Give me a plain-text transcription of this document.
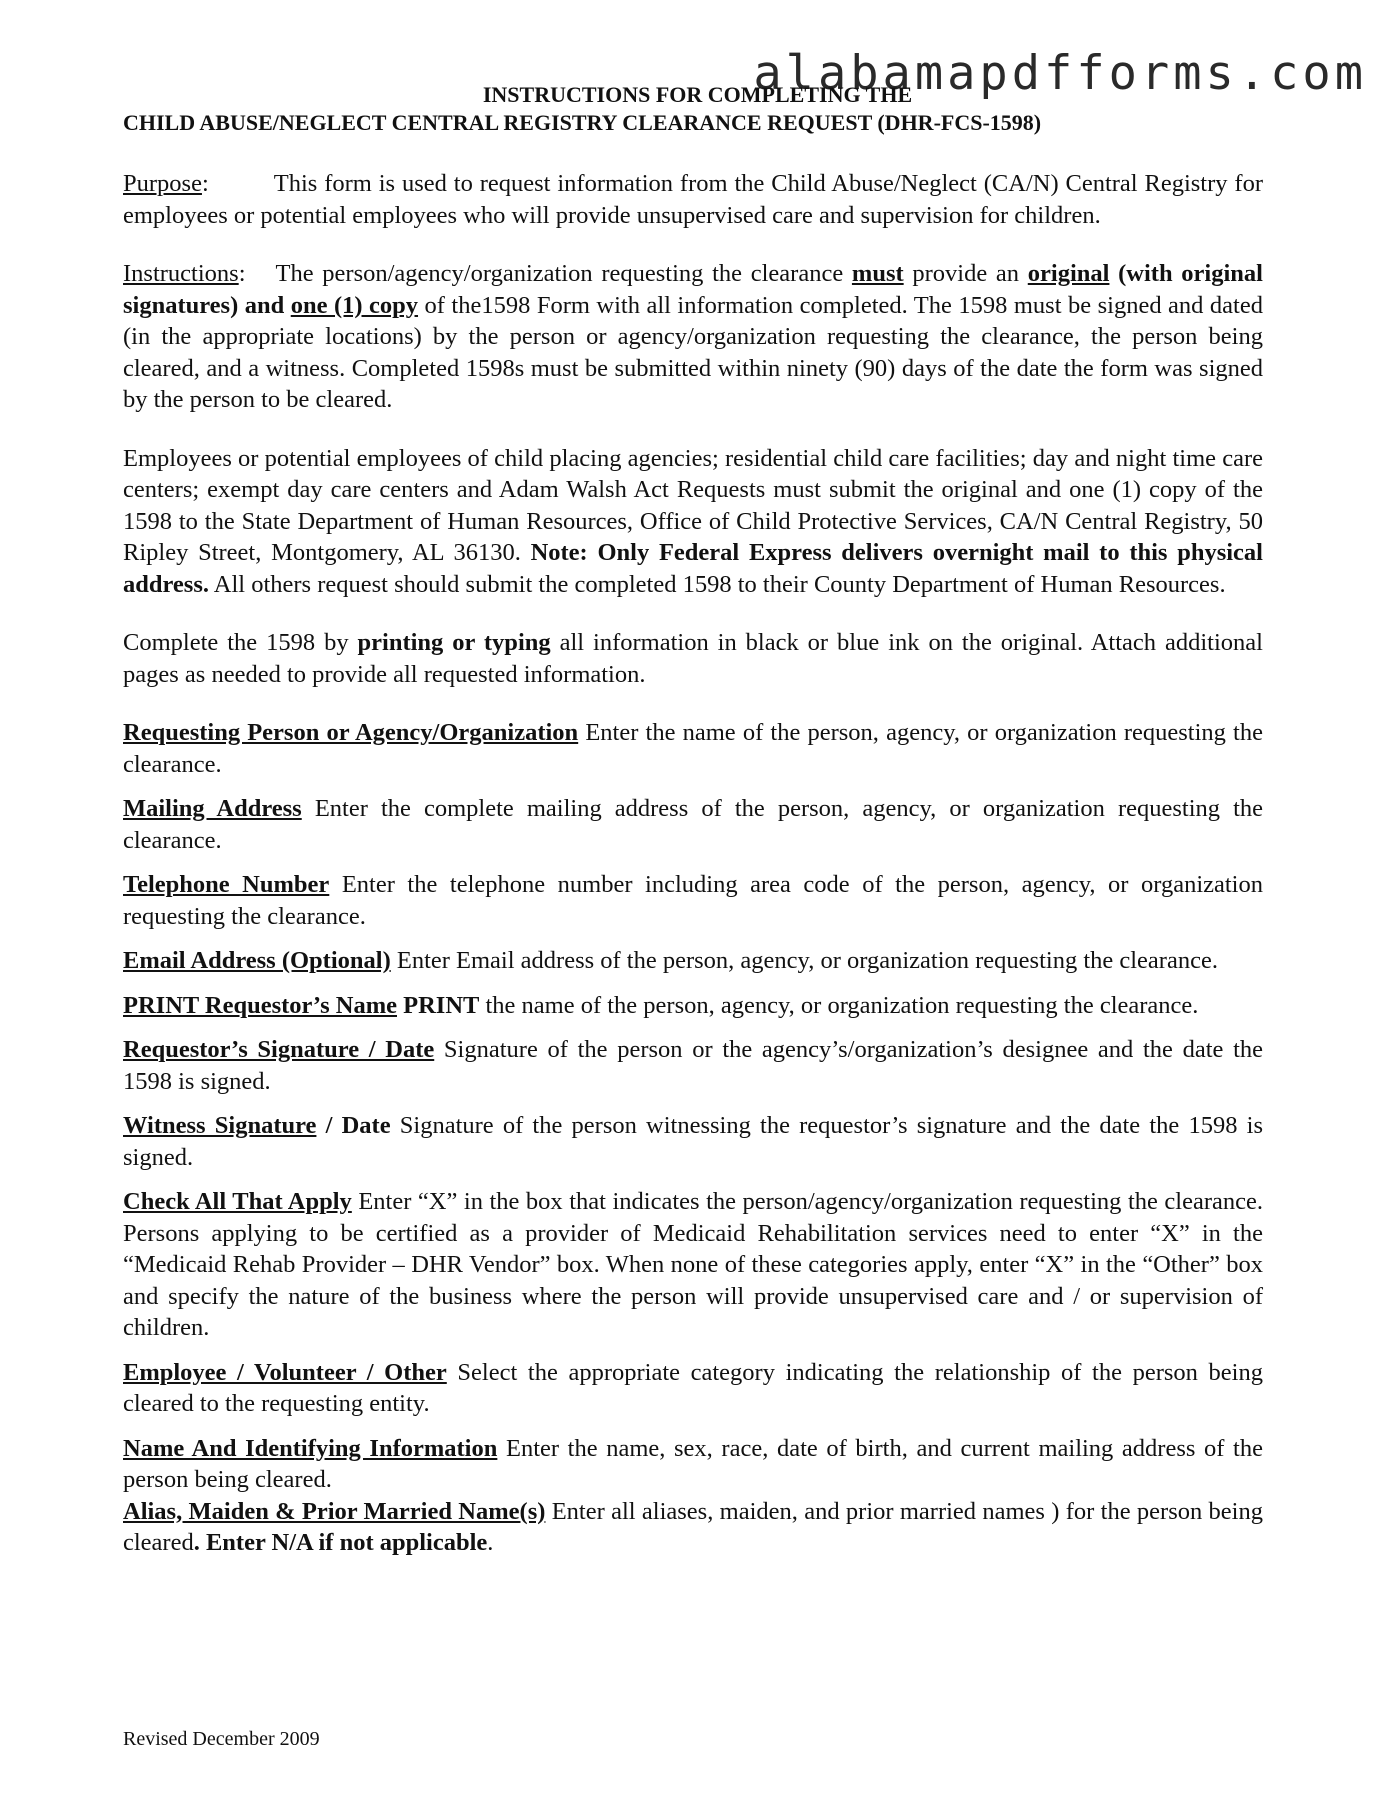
alabamapdfforms.com
INSTRUCTIONS FOR COMPLETING THE
CHILD ABUSE/NEGLECT CENTRAL REGISTRY CLEARANCE REQUEST (DHR-FCS-1598)

Purpose:	This form is used to request information from the Child Abuse/Neglect (CA/N) Central Registry for employees or potential employees who will provide unsupervised care and supervision for children.

Instructions: The person/agency/organization requesting the clearance must provide an original (with original signatures) and one (1) copy of the1598 Form with all information completed. The 1598 must be signed and dated (in the appropriate locations) by the person or agency/organization requesting the clearance, the person being cleared, and a witness. Completed 1598s must be submitted within ninety (90) days of the date the form was signed by the person to be cleared.

Employees or potential employees of child placing agencies; residential child care facilities; day and night time care centers; exempt day care centers and Adam Walsh Act Requests must submit the original and one (1) copy of the 1598 to the State Department of Human Resources, Office of Child Protective Services, CA/N Central Registry, 50 Ripley Street, Montgomery, AL 36130. Note: Only Federal Express delivers overnight mail to this physical address. All others request should submit the completed 1598 to their County Department of Human Resources.

Complete the 1598 by printing or typing all information in black or blue ink on the original. Attach additional pages as needed to provide all requested information.

Requesting Person or Agency/Organization Enter the name of the person, agency, or organization requesting the clearance.

Mailing Address Enter the complete mailing address of the person, agency, or organization requesting the clearance.

Telephone Number Enter the telephone number including area code of the person, agency, or organization requesting the clearance.

Email Address (Optional) Enter Email address of the person, agency, or organization requesting the clearance.

PRINT Requestor’s Name PRINT the name of the person, agency, or organization requesting the clearance.

Requestor’s Signature / Date Signature of the person or the agency’s/organization’s designee and the date the 1598 is signed.

Witness Signature / Date Signature of the person witnessing the requestor’s signature and the date the 1598 is signed.

Check All That Apply Enter “X” in the box that indicates the person/agency/organization requesting the clearance. Persons applying to be certified as a provider of Medicaid Rehabilitation services need to enter “X” in the “Medicaid Rehab Provider – DHR Vendor” box. When none of these categories apply, enter “X” in the “Other” box and specify the nature of the business where the person will provide unsupervised care and / or supervision of children.

Employee / Volunteer / Other Select the appropriate category indicating the relationship of the person being cleared to the requesting entity.

Name And Identifying Information Enter the name, sex, race, date of birth, and current mailing address of the person being cleared.

Alias, Maiden & Prior Married Name(s) Enter all aliases, maiden, and prior married names ) for the person being cleared. Enter N/A if not applicable.

Revised December 2009
